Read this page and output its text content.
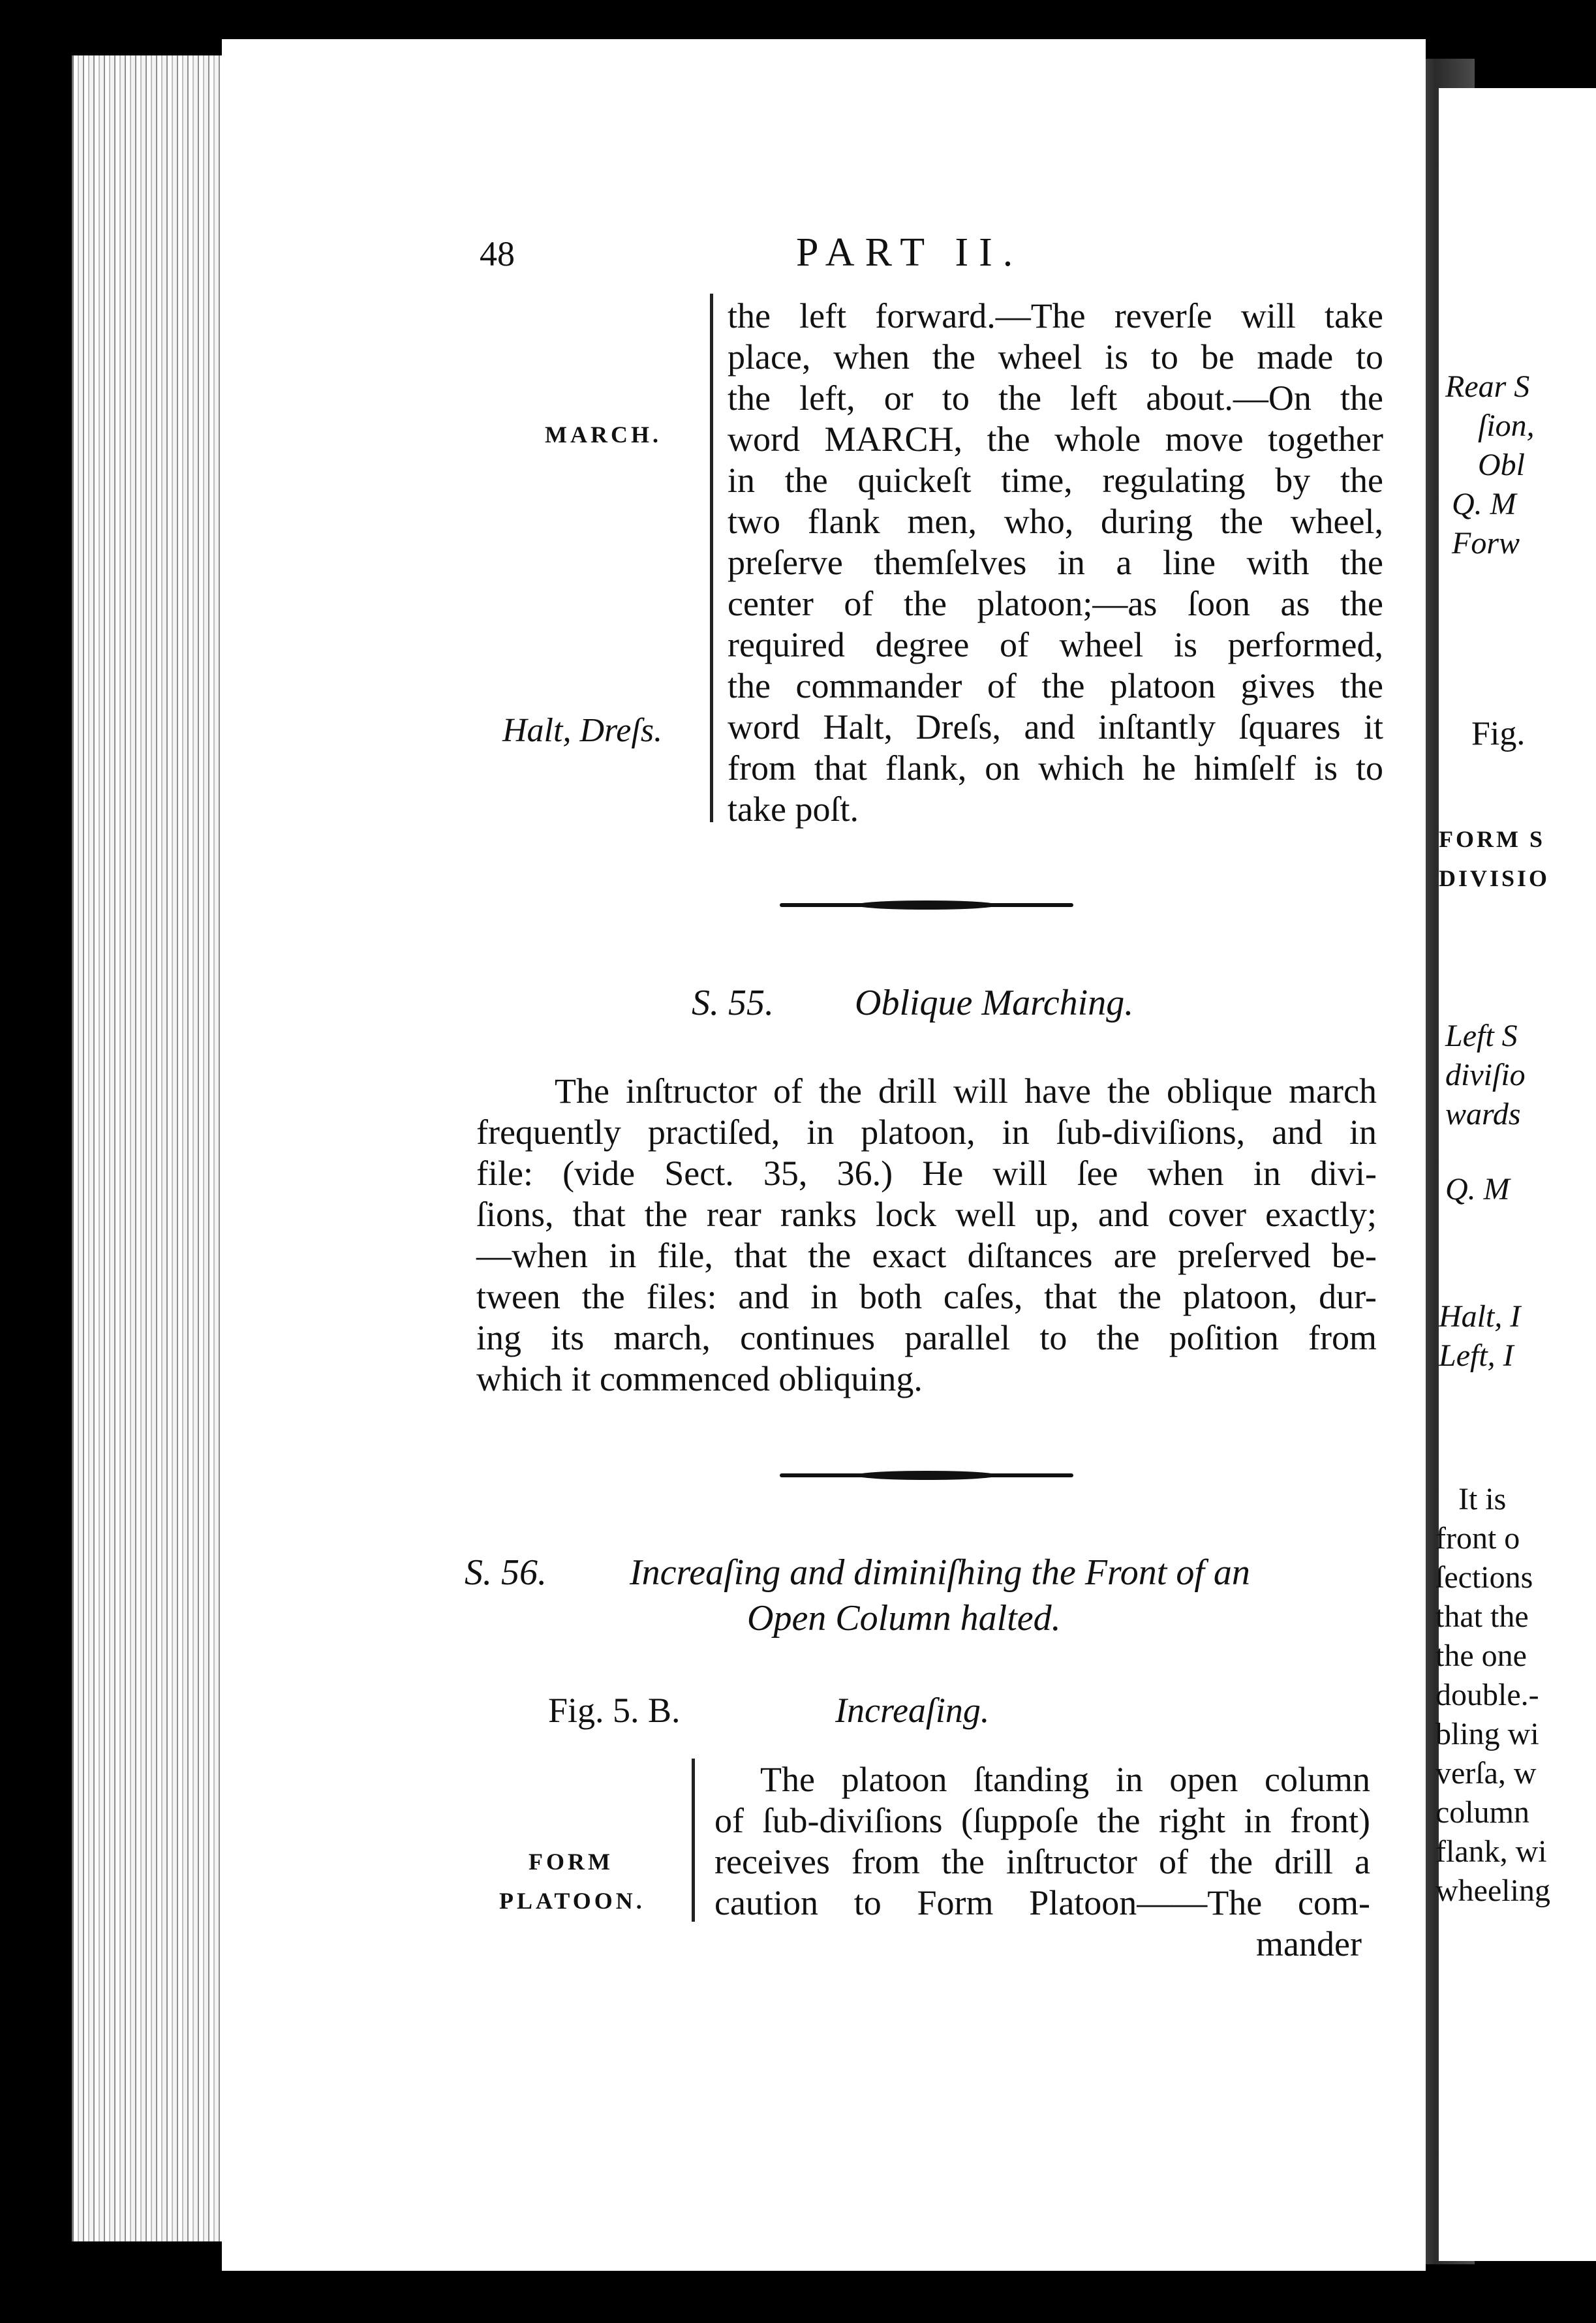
Rear S
ſion,
Obl
Q. M
Forw
Fig.
FORM S
DIVISIO
Left S
diviſio
wards
Q. M
Halt, I
Left, I
It is
front o
ſections
that the
the one
double.-
bling wi
verſa, w
column
flank, wi
wheeling
48	PART II.
MARCH.
Halt, Dreſs.
the left forward.—The reverſe will take
place, when the wheel is to be made to
the left, or to the left about.—On the
word MARCH, the whole move together
in the quickeſt time, regulating by the
two flank men, who, during the wheel,
preſerve themſelves in a line with the
center of the platoon;—as ſoon as the
required degree of wheel is performed,
the commander of the platoon gives the
word Halt, Dreſs, and inſtantly ſquares it
from that flank, on which he himſelf is to
take poſt.
S. 55. Oblique Marching.
The inſtructor of the drill will have the oblique march
frequently practiſed, in platoon, in ſub-diviſions, and in
file: (vide Sect. 35, 36.) He will ſee when in divi-
ſions, that the rear ranks lock well up, and cover exactly;
—when in file, that the exact diſtances are preſerved be-
tween the files: and in both caſes, that the platoon, dur-
ing its march, continues parallel to the poſition from
which it commenced obliquing.
S. 56. Increaſing and diminiſhing the Front of an
Open Column halted.
Fig. 5. B.	Increaſing.
FORM
PLATOON.
The platoon ſtanding in open column
of ſub-diviſions (ſuppoſe the right in front)
receives from the inſtructor of the drill a
caution to Form Platoon——The com-
mander
